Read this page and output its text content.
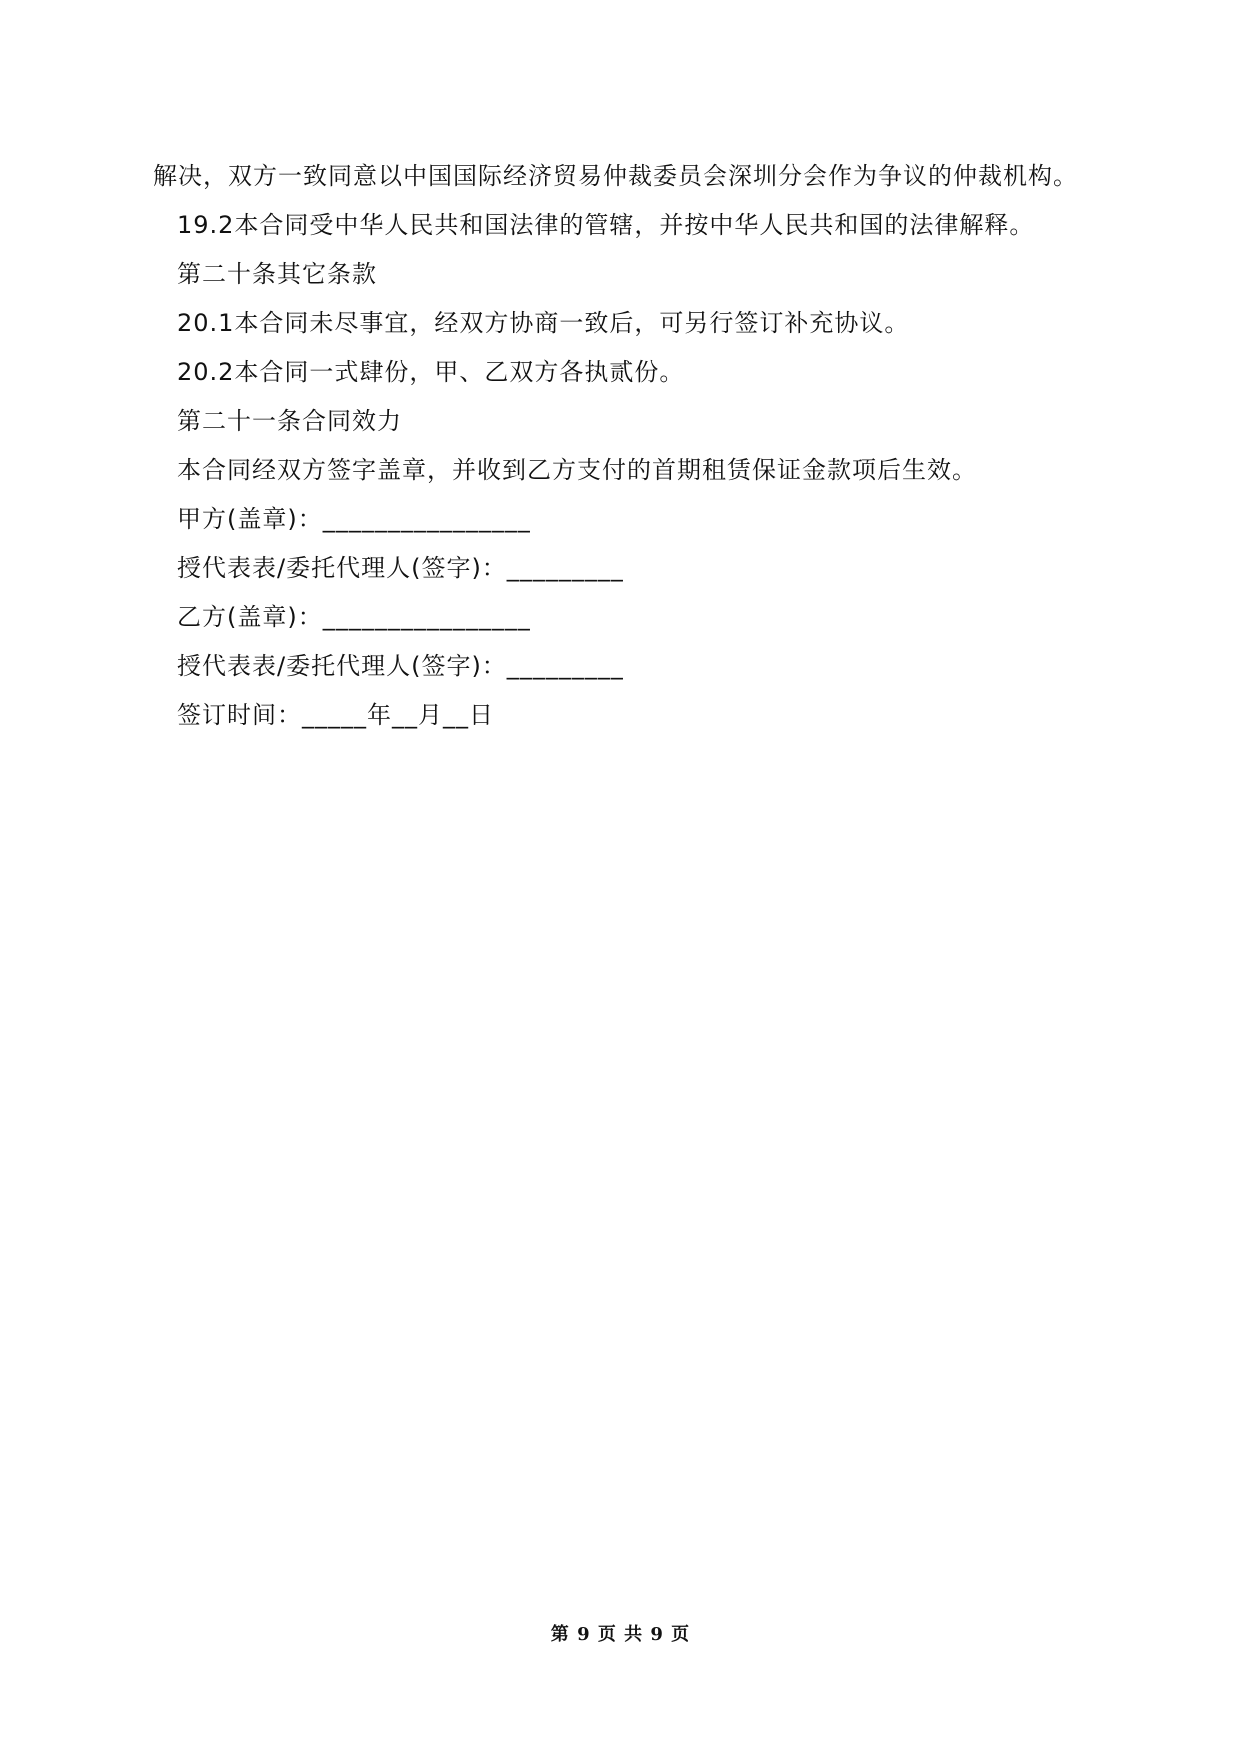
解决，双方一致同意以中国国际经济贸易仲裁委员会深圳分会作为争议的仲裁机构。
19.2本合同受中华人民共和国法律的管辖，并按中华人民共和国的法律解释。
第二十条其它条款
20.1本合同未尽事宜，经双方协商一致后，可另行签订补充协议。
20.2本合同一式肆份，甲、乙双方各执贰份。
第二十一条合同效力
本合同经双方签字盖章，并收到乙方支付的首期租赁保证金款项后生效。
甲方(盖章)：________________
授代表表/委托代理人(签字)：_________
乙方(盖章)：________________
授代表表/委托代理人(签字)：_________
签订时间：_____年__月__日
第 9 页 共 9 页
